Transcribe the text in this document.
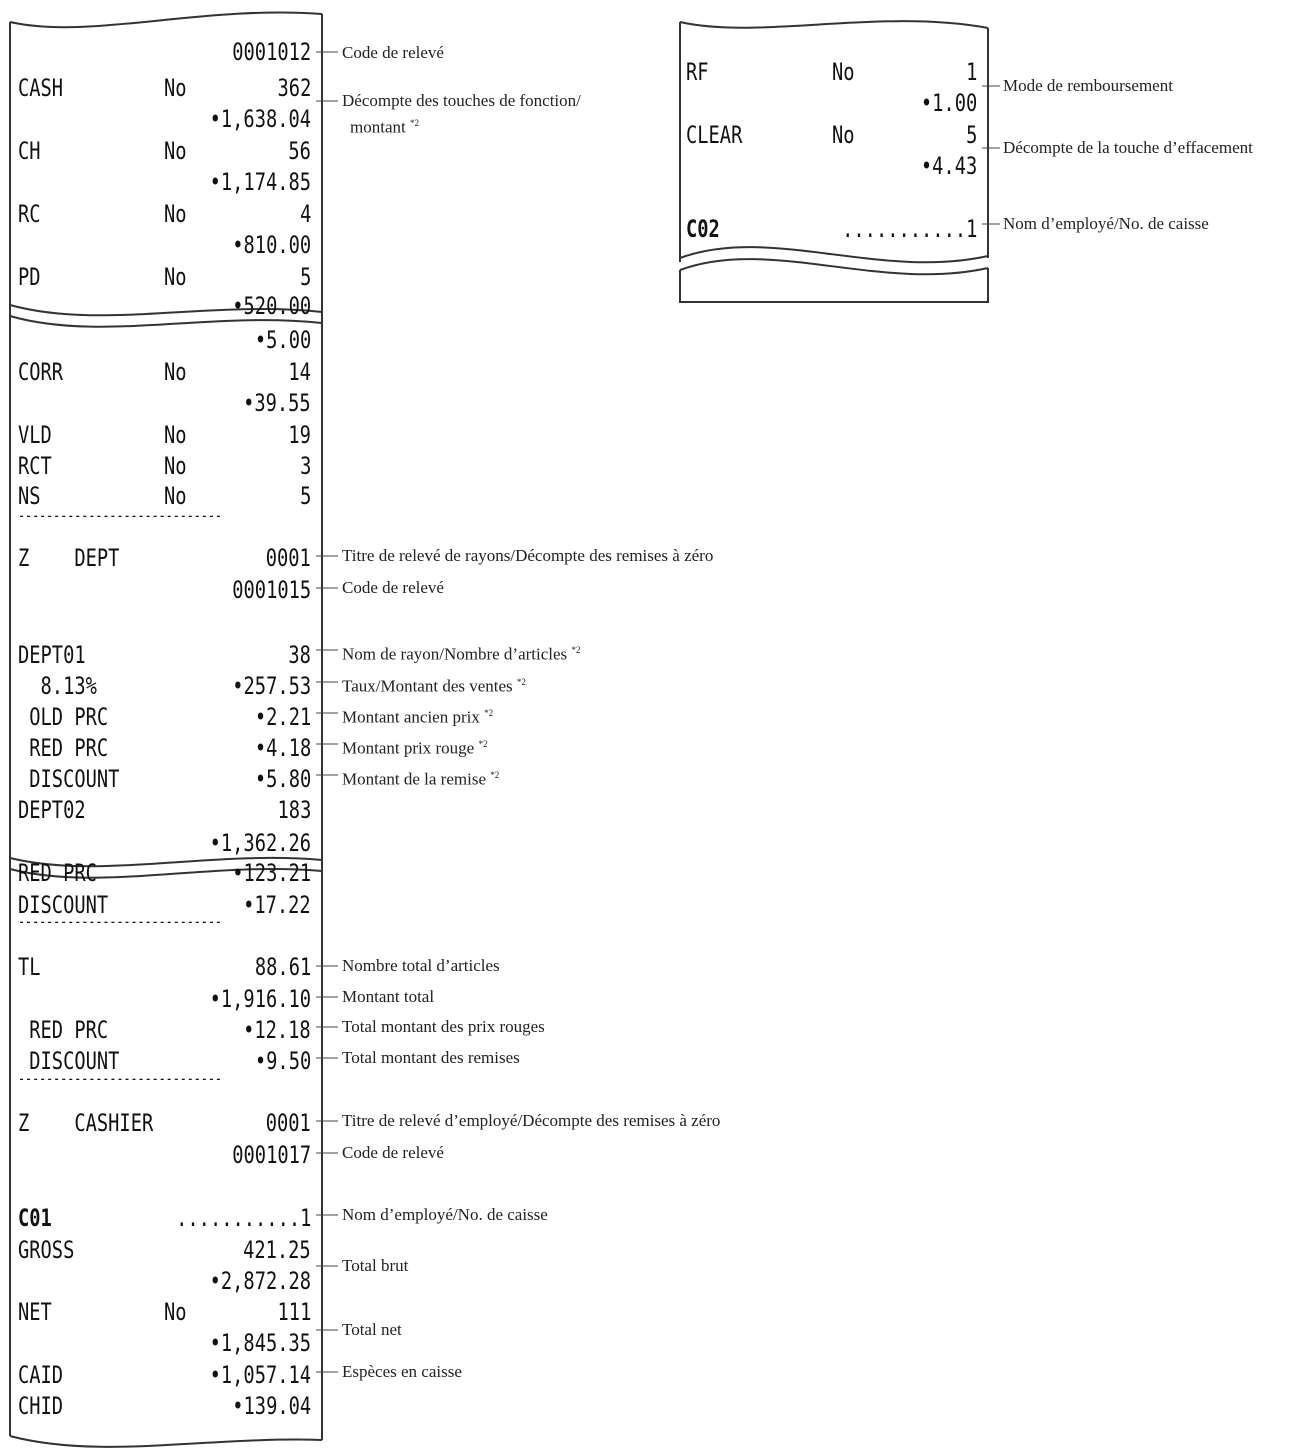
0001012
CASH	No	362
•1,638.04
CH	No	56
•1,174.85
RC	No	4
•810.00
PD	No	5
•520.00
•5.00
CORR	No	14
•39.55
VLD	No	19
RCT	No	3
NS	No	5
Z    DEPT	0001
0001015
DEPT01	38
8.13%	•257.53
OLD PRC	•2.21
RED PRC	•4.18
DISCOUNT	•5.80
DEPT02	183
•1,362.26
RED PRC	•123.21
DISCOUNT	•17.22
TL	88.61
•1,916.10
RED PRC	•12.18
DISCOUNT	•9.50
Z    CASHIER	0001
0001017
C01	...........1
GROSS	421.25
•2,872.28
NET	No	111
•1,845.35
CAID	•1,057.14
CHID	•139.04
-----------------------------
-----------------------------
-----------------------------
RF	No	1
•1.00
CLEAR	No	5
•4.43
C02	...........1
Code de relevé
Décompte des touches de fonction/
montant $^{*2}$
Titre de relevé de rayons/Décompte des remises à zéro
Code de relevé
Nom de rayon/Nombre d’articles $^{*2}$
Taux/Montant des ventes $^{*2}$
Montant ancien prix $^{*2}$
Montant prix rouge $^{*2}$
Montant de la remise $^{*2}$
Nombre total d’articles
Montant total
Total montant des prix rouges
Total montant des remises
Titre de relevé d’employé/Décompte des remises à zéro
Code de relevé
Nom d’employé/No. de caisse
Total brut
Total net
Espèces en caisse
Mode de remboursement
Décompte de la touche d’effacement
Nom d’employé/No. de caisse
